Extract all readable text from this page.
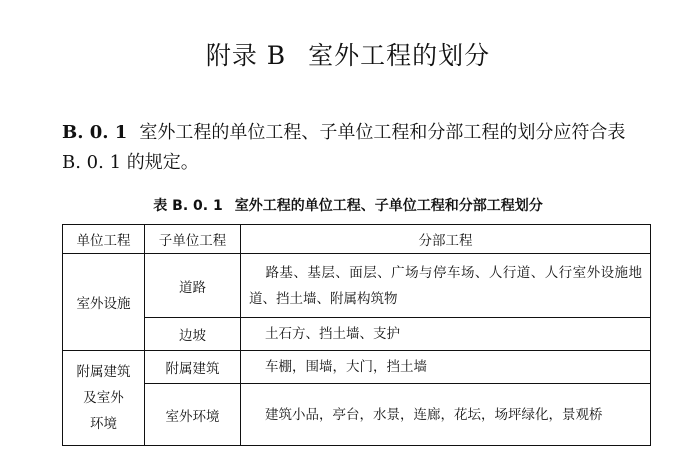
附录 B 室外工程的划分
B. 0. 1 室外工程的单位工程、子单位工程和分部工程的划分应符合表 B. 0. 1 的规定。
表 B. 0. 1 室外工程的单位工程、子单位工程和分部工程划分
单位工程	子单位工程	分部工程
室外设施	道路	路基、基层、面层、广场与停车场、人行道、人行室外设施地道、挡土墙、附属构筑物
	边坡	土石方、挡土墙、支护

附属建筑
及室外
环境	附属建筑	车棚，围墙，大门，挡土墙
	室外环境	建筑小品，亭台，水景，连廊，花坛，场坪绿化，景观桥
